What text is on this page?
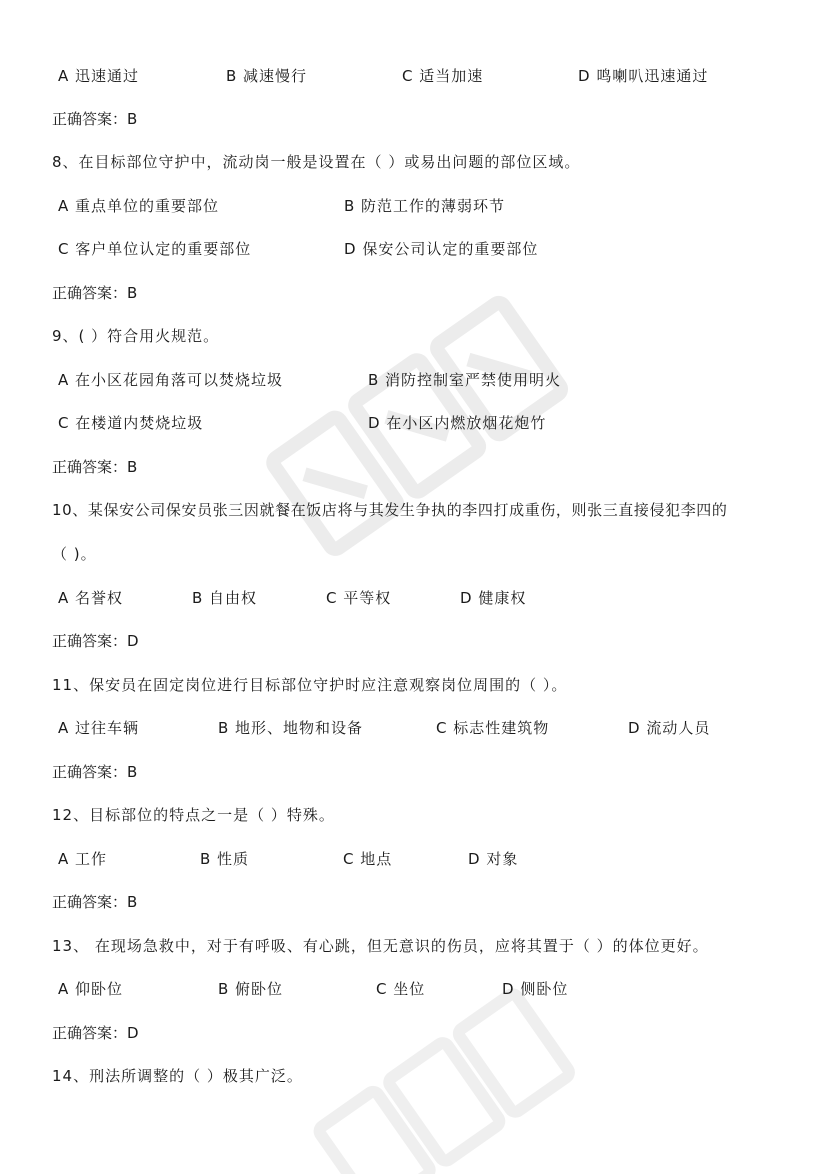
A 迅速通过	B 减速慢行	C 适当加速	D 鸣喇叭迅速通过
正确答案：B
8、在目标部位守护中，流动岗一般是设置在（ ）或易出问题的部位区域。
A 重点单位的重要部位	B 防范工作的薄弱环节
C 客户单位认定的重要部位	D 保安公司认定的重要部位
正确答案：B
9、( ）符合用火规范。
A 在小区花园角落可以焚烧垃圾	B 消防控制室严禁使用明火
C 在楼道内焚烧垃圾	D 在小区内燃放烟花炮竹
正确答案：B
10、某保安公司保安员张三因就餐在饭店将与其发生争执的李四打成重伤，则张三直接侵犯李四的
（ )。
A 名誉权	B 自由权	C 平等权	D 健康权
正确答案：D
11、保安员在固定岗位进行目标部位守护时应注意观察岗位周围的（ ）。
A 过往车辆	B 地形、地物和设备	C 标志性建筑物	D 流动人员
正确答案：B
12、目标部位的特点之一是（ ）特殊。
A 工作	B 性质	C 地点	D 对象
正确答案：B
13、 在现场急救中，对于有呼吸、有心跳，但无意识的伤员，应将其置于（ ）的体位更好。
A 仰卧位	B 俯卧位	C 坐位	D 侧卧位
正确答案：D
14、刑法所调整的（ ）极其广泛。
